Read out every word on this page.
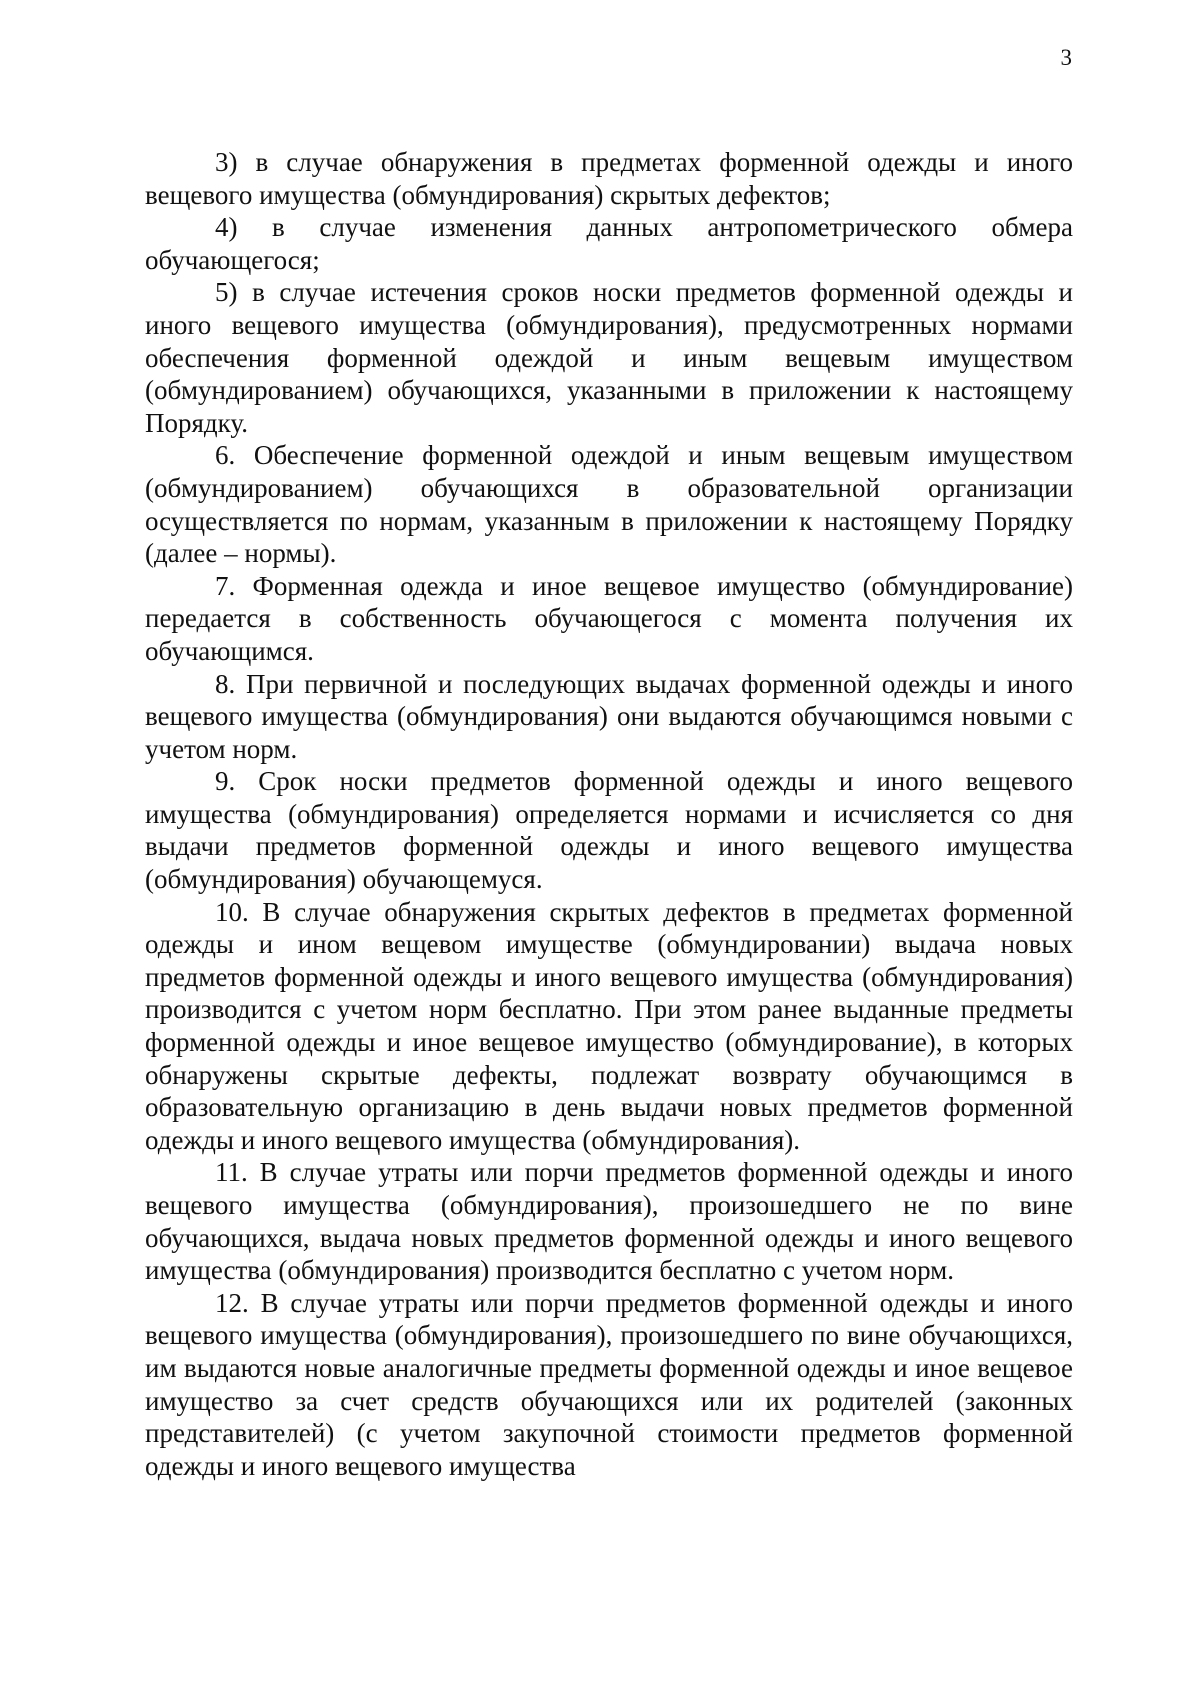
3

3) в случае обнаружения в предметах форменной одежды и иного вещевого имущества (обмундирования) скрытых дефектов;

4) в случае изменения данных антропометрического обмера обучающегося;

5) в случае истечения сроков носки предметов форменной одежды и иного вещевого имущества (обмундирования), предусмотренных нормами обеспечения форменной одеждой и иным вещевым имуществом (обмундированием) обучающихся, указанными в приложении к настоящему Порядку.

6. Обеспечение форменной одеждой и иным вещевым имуществом (обмундированием) обучающихся в образовательной организации осуществляется по нормам, указанным в приложении к настоящему Порядку (далее – нормы).

7. Форменная одежда и иное вещевое имущество (обмундирование) передается в собственность обучающегося с момента получения их обучающимся.

8. При первичной и последующих выдачах форменной одежды и иного вещевого имущества (обмундирования) они выдаются обучающимся новыми с учетом норм.

9. Срок носки предметов форменной одежды и иного вещевого имущества (обмундирования) определяется нормами и исчисляется со дня выдачи предметов форменной одежды и иного вещевого имущества (обмундирования) обучающемуся.

10. В случае обнаружения скрытых дефектов в предметах форменной одежды и ином вещевом имуществе (обмундировании) выдача новых предметов форменной одежды и иного вещевого имущества (обмундирования) производится с учетом норм бесплатно. При этом ранее выданные предметы форменной одежды и иное вещевое имущество (обмундирование), в которых обнаружены скрытые дефекты, подлежат возврату обучающимся в образовательную организацию в день выдачи новых предметов форменной одежды и иного вещевого имущества (обмундирования).

11. В случае утраты или порчи предметов форменной одежды и иного вещевого имущества (обмундирования), произошедшего не по вине обучающихся, выдача новых предметов форменной одежды и иного вещевого имущества (обмундирования) производится бесплатно с учетом норм.

12. В случае утраты или порчи предметов форменной одежды и иного вещевого имущества (обмундирования), произошедшего по вине обучающихся, им выдаются новые аналогичные предметы форменной одежды и иное вещевое имущество за счет средств обучающихся или их родителей (законных представителей) (с учетом закупочной стоимости предметов форменной одежды и иного вещевого имущества
